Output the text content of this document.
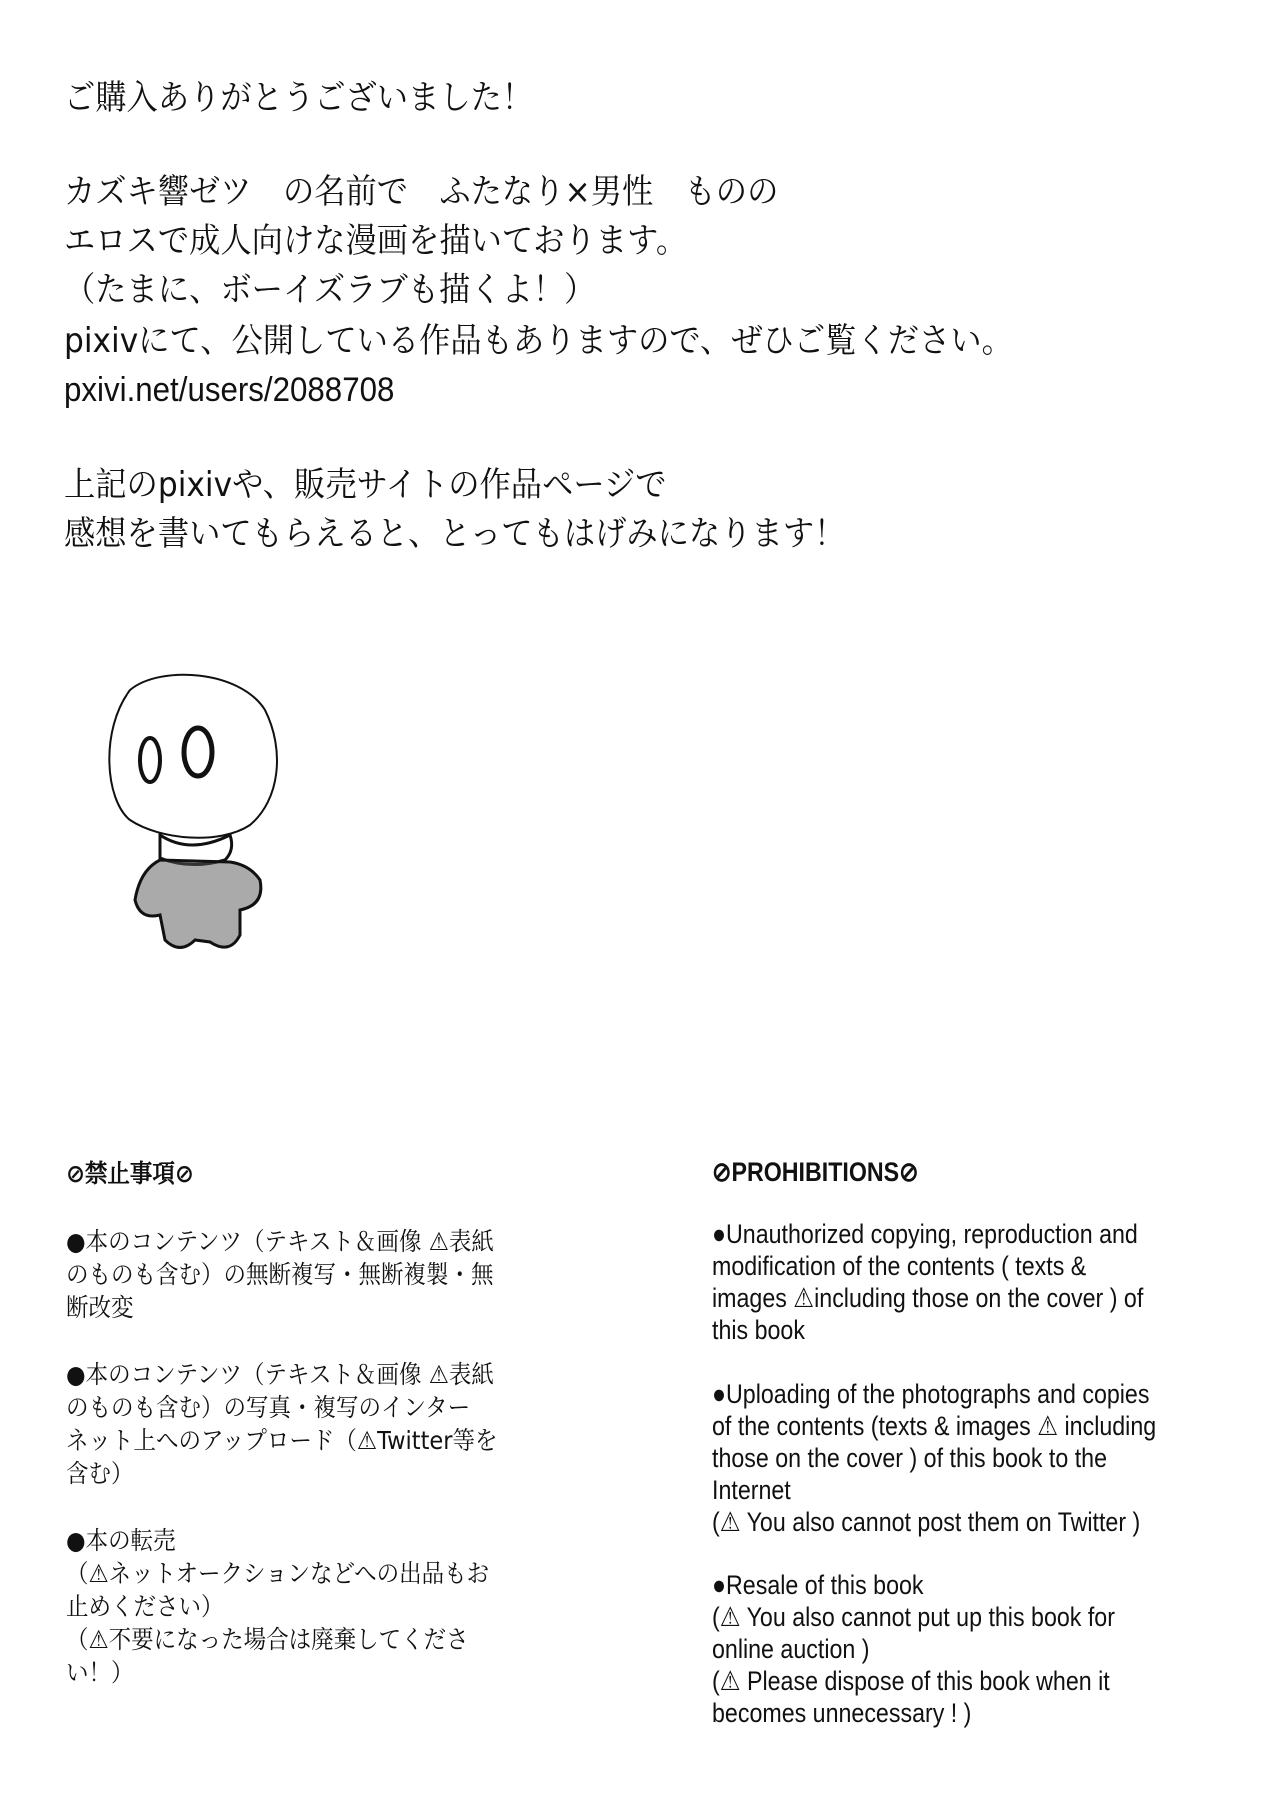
ご購入ありがとうございました！
カズキ響ゼツ　の名前で　ふたなり×男性　ものの
エロスで成人向けな漫画を描いております。
（たまに、ボーイズラブも描くよ！）
pixivにて、公開している作品もありますので、ぜひご覧ください。
pxivi.net/users/2088708
上記のpixivや、販売サイトの作品ページで
感想を書いてもらえると、とってもはげみになります！
⊘禁止事項⊘
●本のコンテンツ（テキスト＆画像 ⚠表紙
のものも含む）の無断複写・無断複製・無
断改変
●本のコンテンツ（テキスト＆画像 ⚠表紙
のものも含む）の写真・複写のインター
ネット上へのアップロード（⚠Twitter等を
含む）
●本の転売
（⚠ネットオークションなどへの出品もお
止めください）
（⚠不要になった場合は廃棄してくださ
い！）
⊘PROHIBITIONS⊘
●Unauthorized copying, reproduction and
modification of the contents ( texts &
images ⚠including those on the cover ) of
this book
●Uploading of the photographs and copies
of the contents (texts & images ⚠ including
those on the cover ) of this book to the
Internet
(⚠ You also cannot post them on Twitter )
●Resale of this book
(⚠ You also cannot put up this book for
online auction )
(⚠ Please dispose of this book when it
becomes unnecessary ! )
